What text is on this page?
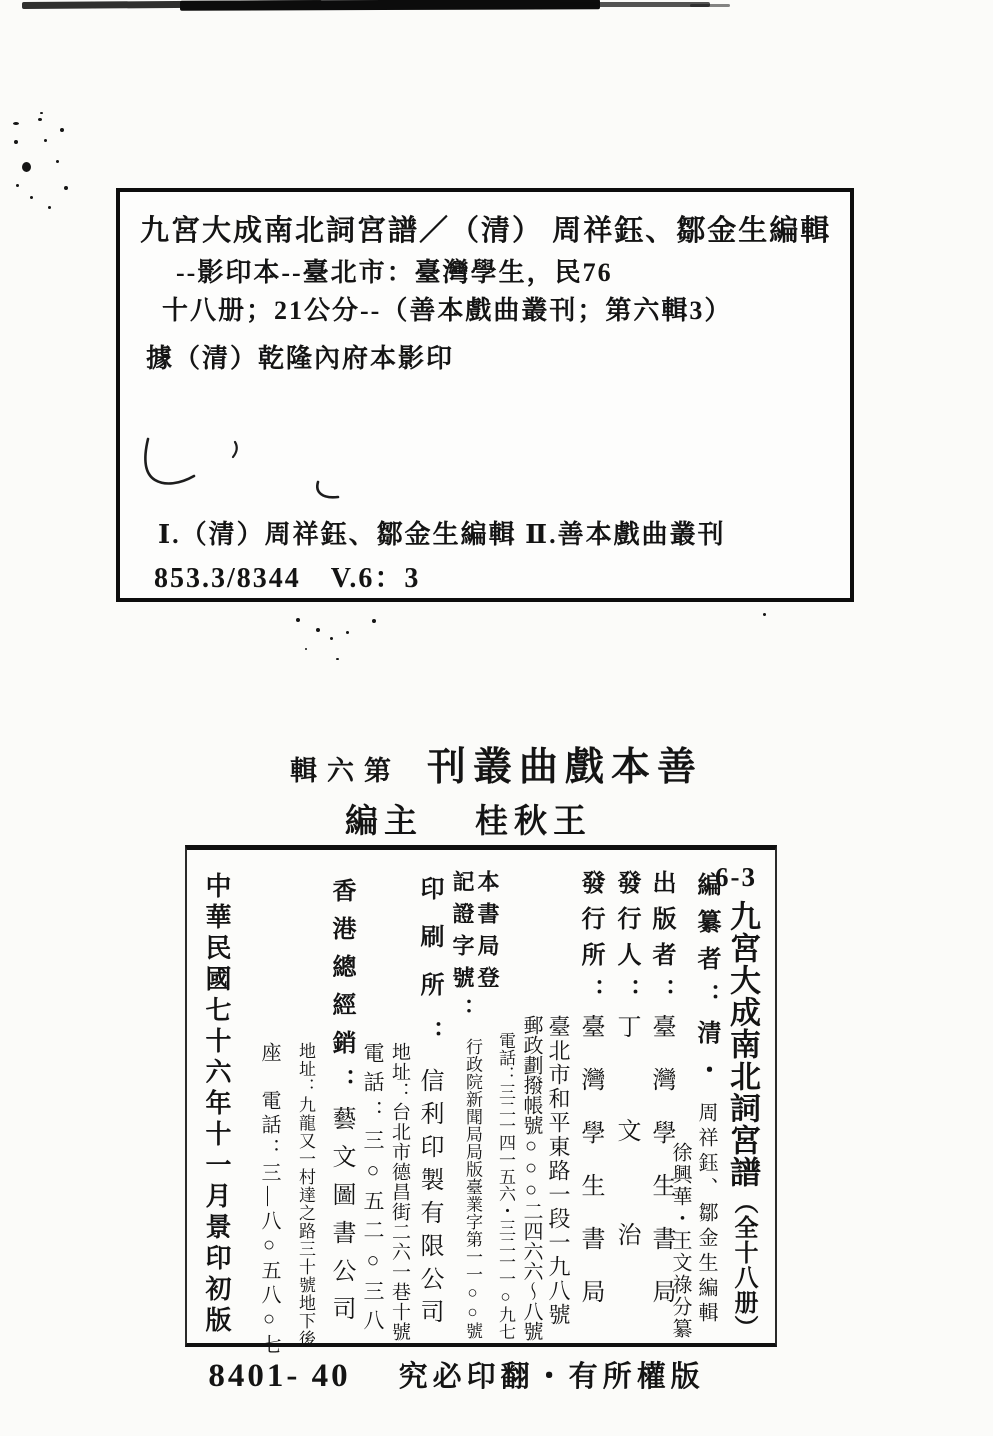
九宮大成南北詞宮譜／（清） 周祥鈺、鄒金生編輯
--影印本--臺北市：臺灣學生，民76
十八册；21公分--（善本戲曲叢刊；第六輯3）
據（清）乾隆內府本影印
Ⅰ.（清）周祥鈺、鄒金生編輯 Ⅱ.善本戲曲叢刊
853.3/8344　V.6：3
輯六第 刊叢曲戲本善
編主 桂秋王
6-3
九宮大成南北詞宮譜
（全十八册）
編纂者：清・
周祥鈺、鄒金生編輯
徐興華・王文祿分纂
出版者：臺灣學生書局
發行人：丁文治
發行所：臺灣學生書局
臺北市和平東路一段一九八號
郵政劃撥帳號○○○二四六六～八號
電話：三二一四一五六・三二一一○九七
本書局登
記證字號：
行政院新聞局局版臺業字第一一○○號
印刷所：信利印製有限公司
地址：台北市德昌街二六一巷十號
電話：三○五二○三八
香港總經銷：藝文圖書公司
地址：九龍又一村達之路三十號地下後
座電話：三—八○五八○七
中華民國七十六年十一月景印初版
8401- 40 究必印翻・有所權版
